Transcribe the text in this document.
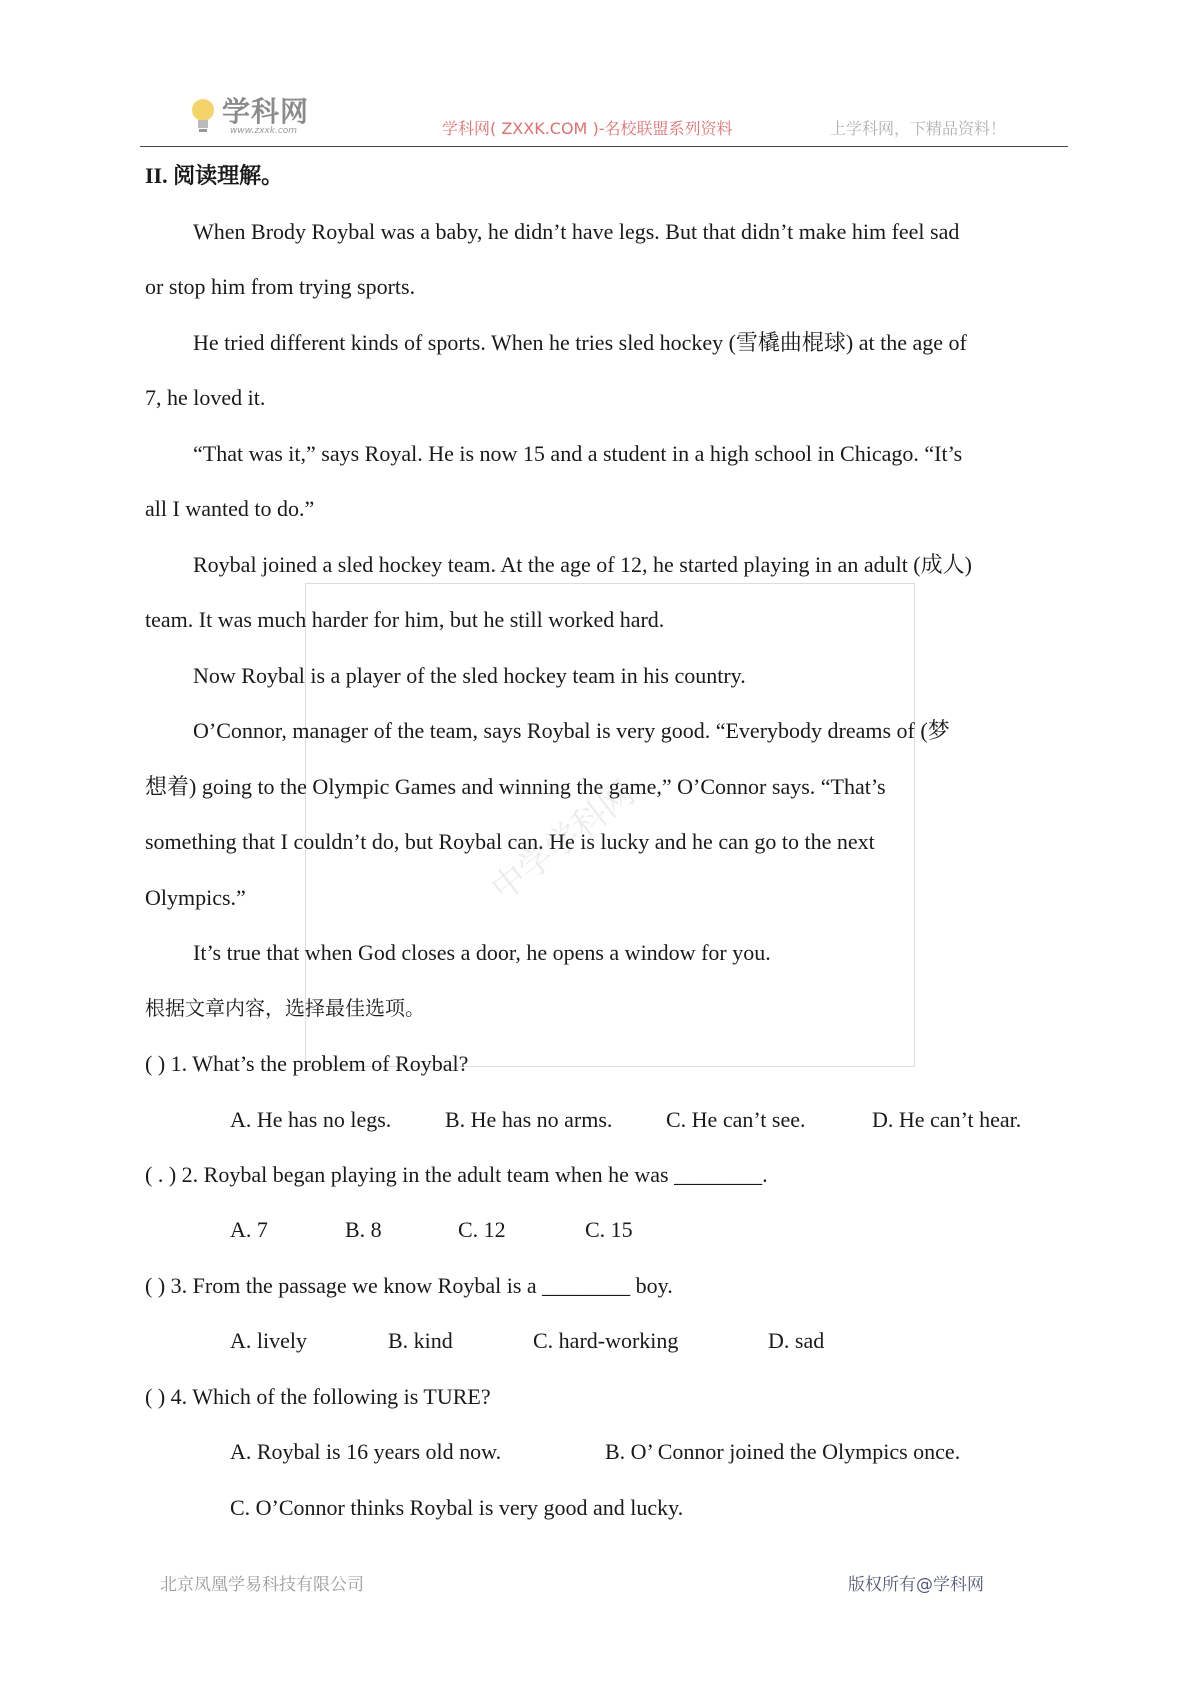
学科网
www.zxxk.com	学科网( ZXXK.COM )-名校联盟系列资料	上学科网，下精品资料！
中学学科网
II. 阅读理解。
When Brody Roybal was a baby, he didn’t have legs. But that didn’t make him feel sad
or stop him from trying sports.
He tried different kinds of sports. When he tries sled hockey (雪橇曲棍球) at the age of
7, he loved it.
“That was it,” says Royal. He is now 15 and a student in a high school in Chicago. “It’s
all I wanted to do.”
Roybal joined a sled hockey team. At the age of 12, he started playing in an adult (成人)
team. It was much harder for him, but he still worked hard.
Now Roybal is a player of the sled hockey team in his country.
O’Connor, manager of the team, says Roybal is very good. “Everybody dreams of (梦
想着) going to the Olympic Games and winning the game,” O’Connor says. “That’s
something that I couldn’t do, but Roybal can. He is lucky and he can go to the next
Olympics.”
It’s true that when God closes a door, he opens a window for you.
根据文章内容，选择最佳选项。
( ) 1. What’s the problem of Roybal?
A. He has no legs. B. He has no arms. C. He can’t see.	D. He can’t hear.
( . ) 2. Roybal began playing in the adult team when he was ________.
A. 7	B. 8	C. 12	C. 15
( ) 3. From the passage we know Roybal is a ________ boy.
A. lively	B. kind	C. hard-working	D. sad
( ) 4. Which of the following is TURE?
A. Roybal is 16 years old now.	B. O’ Connor joined the Olympics once.
C. O’Connor thinks Roybal is very good and lucky.
北京凤凰学易科技有限公司	版权所有@学科网
